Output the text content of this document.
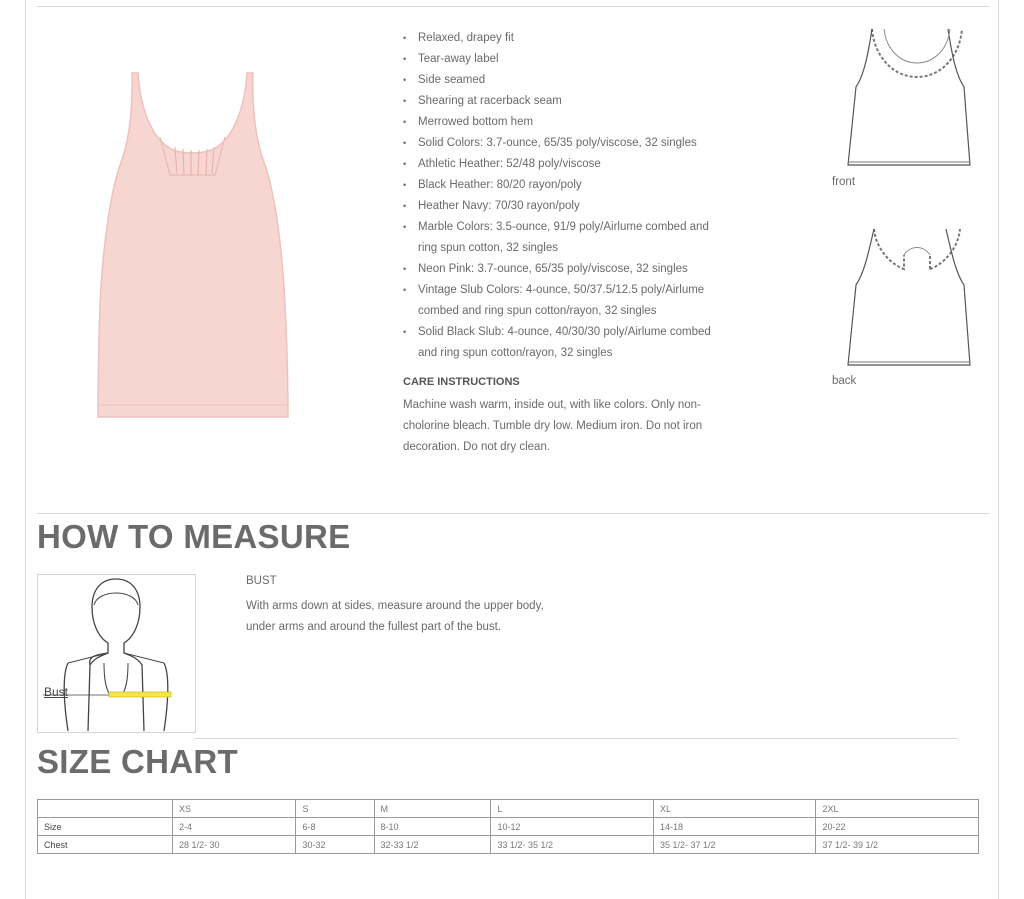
• Relaxed, drapey fit
• Tear-away label
• Side seamed
• Shearing at racerback seam
• Merrowed bottom hem
• Solid Colors: 3.7-ounce, 65/35 poly/viscose, 32 singles
• Athletic Heather: 52/48 poly/viscose
• Black Heather: 80/20 rayon/poly
• Heather Navy: 70/30 rayon/poly
• Marble Colors: 3.5-ounce, 91/9 poly/Airlume combed and ring spun cotton, 32 singles
• Neon Pink: 3.7-ounce, 65/35 poly/viscose, 32 singles
• Vintage Slub Colors: 4-ounce, 50/37.5/12.5 poly/Airlume combed and ring spun cotton/rayon, 32 singles
• Solid Black Slub: 4-ounce, 40/30/30 poly/Airlume combed and ring spun cotton/rayon, 32 singles
CARE INSTRUCTIONS
Machine wash warm, inside out, with like colors. Only non-cholorine bleach. Tumble dry low. Medium iron. Do not iron decoration. Do not dry clean.
front
back
HOW TO MEASURE
Bust
BUST
With arms down at sides, measure around the upper body, under arms and around the fullest part of the bust.
SIZE CHART
	XS	S	M	L	XL	2XL
Size	2-4	6-8	8-10	10-12	14-18	20-22
Chest	28 1/2- 30	30-32	32-33 1/2	33 1/2- 35 1/2	35 1/2- 37 1/2	37 1/2- 39 1/2
